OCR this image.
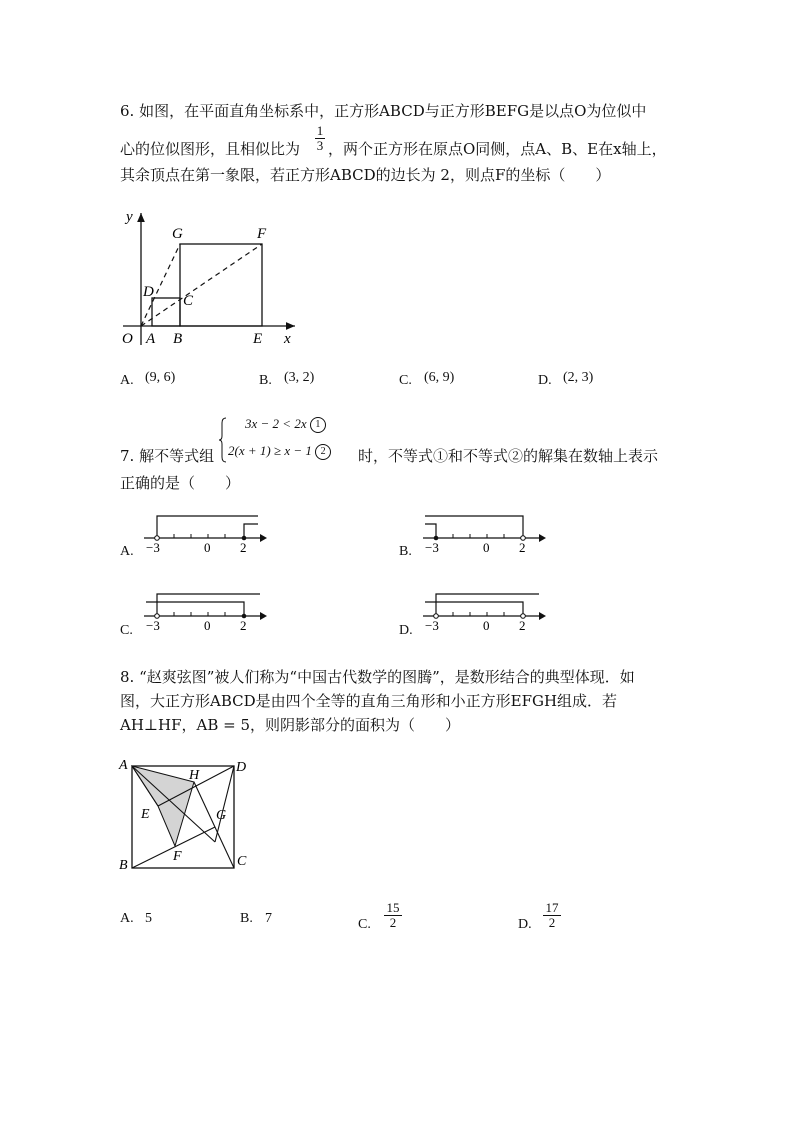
6. 如图，在平面直角坐标系中，正方形ABCD与正方形BEFG是以点O为位似中
心的位似图形，且相似比为 $\frac{1}{3}$ ，两个正方形在原点O同侧，点A、B、E在x轴上，
其余顶点在第一象限，若正方形ABCD的边长为 2，则点F的坐标（　　）
y
x
O A B	E
C
D
G	F
A. (9, 6)	B. (3, 2)	C. (6, 9)	D. (2, 3)
7. 解不等式组
3x − 2 < 2x 1
2(x + 1) ≥ x − 1 2	时，不等式①和不等式②的解集在数轴上表示
正确的是（　　）
A. −3	0 2	B. −3	0 2
C. −3	0 2	D. −3	0 2
8. “赵爽弦图”被人们称为“中国古代数学的图腾”，是数形结合的典型体现．如
图，大正方形ABCD是由四个全等的直角三角形和小正方形EFGH组成．若
AH⊥HF，AB = 5，则阴影部分的面积为（　　）
A	D
B	C
H
E	G
F
A. 5	B. 7	C. $\frac{15}{2}$	D. $\frac{17}{2}$
